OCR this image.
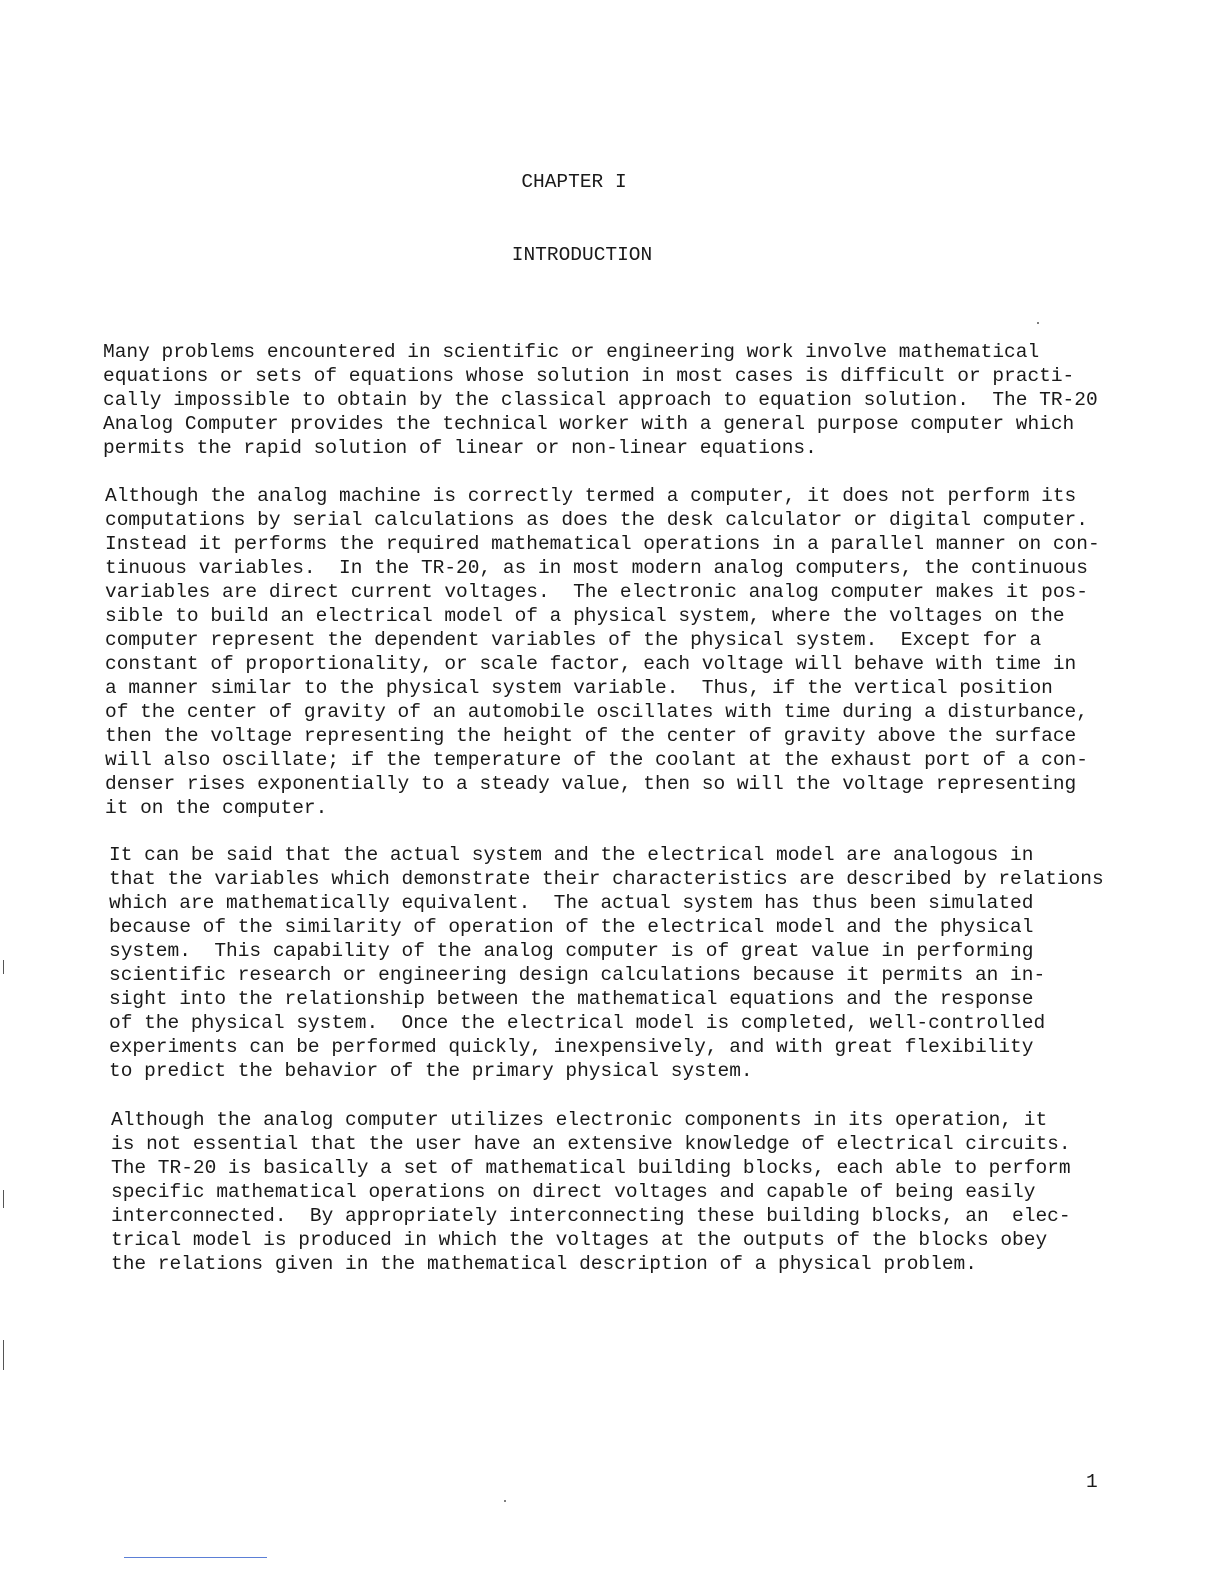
CHAPTER I
INTRODUCTION

Many problems encountered in scientific or engineering work involve mathematical
equations or sets of equations whose solution in most cases is difficult or practi-
cally impossible to obtain by the classical approach to equation solution.  The TR-20
Analog Computer provides the technical worker with a general purpose computer which
permits the rapid solution of linear or non-linear equations.

Although the analog machine is correctly termed a computer, it does not perform its
computations by serial calculations as does the desk calculator or digital computer.
Instead it performs the required mathematical operations in a parallel manner on con-
tinuous variables.  In the TR-20, as in most modern analog computers, the continuous
variables are direct current voltages.  The electronic analog computer makes it pos-
sible to build an electrical model of a physical system, where the voltages on the
computer represent the dependent variables of the physical system.  Except for a
constant of proportionality, or scale factor, each voltage will behave with time in
a manner similar to the physical system variable.  Thus, if the vertical position
of the center of gravity of an automobile oscillates with time during a disturbance,
then the voltage representing the height of the center of gravity above the surface
will also oscillate; if the temperature of the coolant at the exhaust port of a con-
denser rises exponentially to a steady value, then so will the voltage representing
it on the computer.

It can be said that the actual system and the electrical model are analogous in
that the variables which demonstrate their characteristics are described by relations
which are mathematically equivalent.  The actual system has thus been simulated
because of the similarity of operation of the electrical model and the physical
system.  This capability of the analog computer is of great value in performing
scientific research or engineering design calculations because it permits an in-
sight into the relationship between the mathematical equations and the response
of the physical system.  Once the electrical model is completed, well-controlled
experiments can be performed quickly, inexpensively, and with great flexibility
to predict the behavior of the primary physical system.

Although the analog computer utilizes electronic components in its operation, it
is not essential that the user have an extensive knowledge of electrical circuits.
The TR-20 is basically a set of mathematical building blocks, each able to perform
specific mathematical operations on direct voltages and capable of being easily
interconnected.  By appropriately interconnecting these building blocks, an  elec-
trical model is produced in which the voltages at the outputs of the blocks obey
the relations given in the mathematical description of a physical problem.

1
